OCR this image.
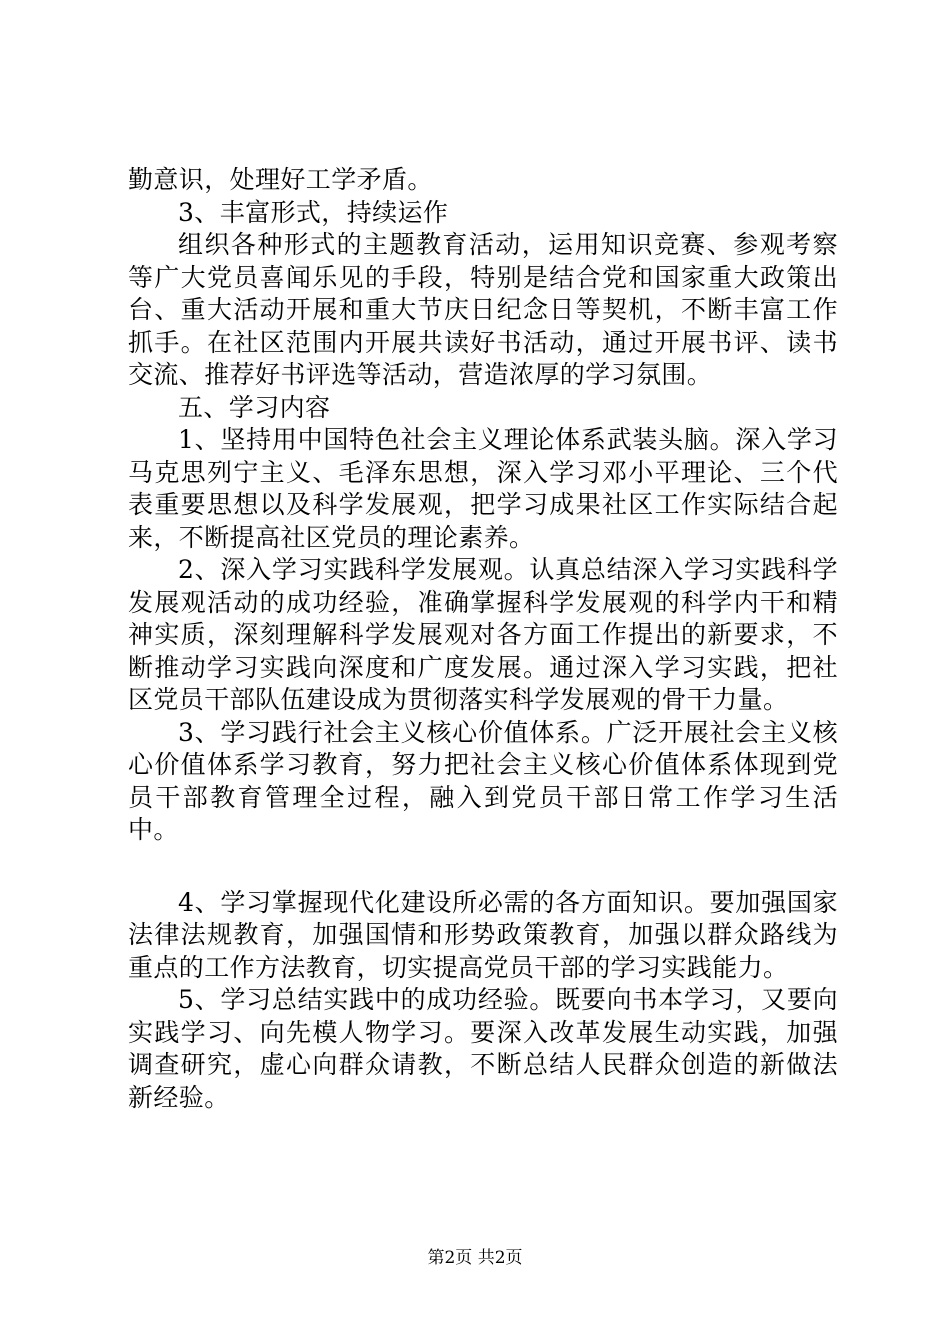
勤意识，处理好工学矛盾。

3、丰富形式，持续运作

组织各种形式的主题教育活动，运用知识竞赛、参观考察等广大党员喜闻乐见的手段，特别是结合党和国家重大政策出台、重大活动开展和重大节庆日纪念日等契机，不断丰富工作抓手。在社区范围内开展共读好书活动，通过开展书评、读书交流、推荐好书评选等活动，营造浓厚的学习氛围。

五、学习内容

1、坚持用中国特色社会主义理论体系武装头脑。深入学习马克思列宁主义、毛泽东思想，深入学习邓小平理论、三个代表重要思想以及科学发展观，把学习成果社区工作实际结合起来，不断提高社区党员的理论素养。

2、深入学习实践科学发展观。认真总结深入学习实践科学发展观活动的成功经验，准确掌握科学发展观的科学内干和精神实质，深刻理解科学发展观对各方面工作提出的新要求，不断推动学习实践向深度和广度发展。通过深入学习实践，把社区党员干部队伍建设成为贯彻落实科学发展观的骨干力量。

3、学习践行社会主义核心价值体系。广泛开展社会主义核心价值体系学习教育，努力把社会主义核心价值体系体现到党员干部教育管理全过程，融入到党员干部日常工作学习生活中。

4、学习掌握现代化建设所必需的各方面知识。要加强国家法律法规教育，加强国情和形势政策教育，加强以群众路线为重点的工作方法教育，切实提高党员干部的学习实践能力。

5、学习总结实践中的成功经验。既要向书本学习，又要向实践学习、向先模人物学习。要深入改革发展生动实践，加强调查研究，虚心向群众请教，不断总结人民群众创造的新做法新经验。

第2页 共2页
